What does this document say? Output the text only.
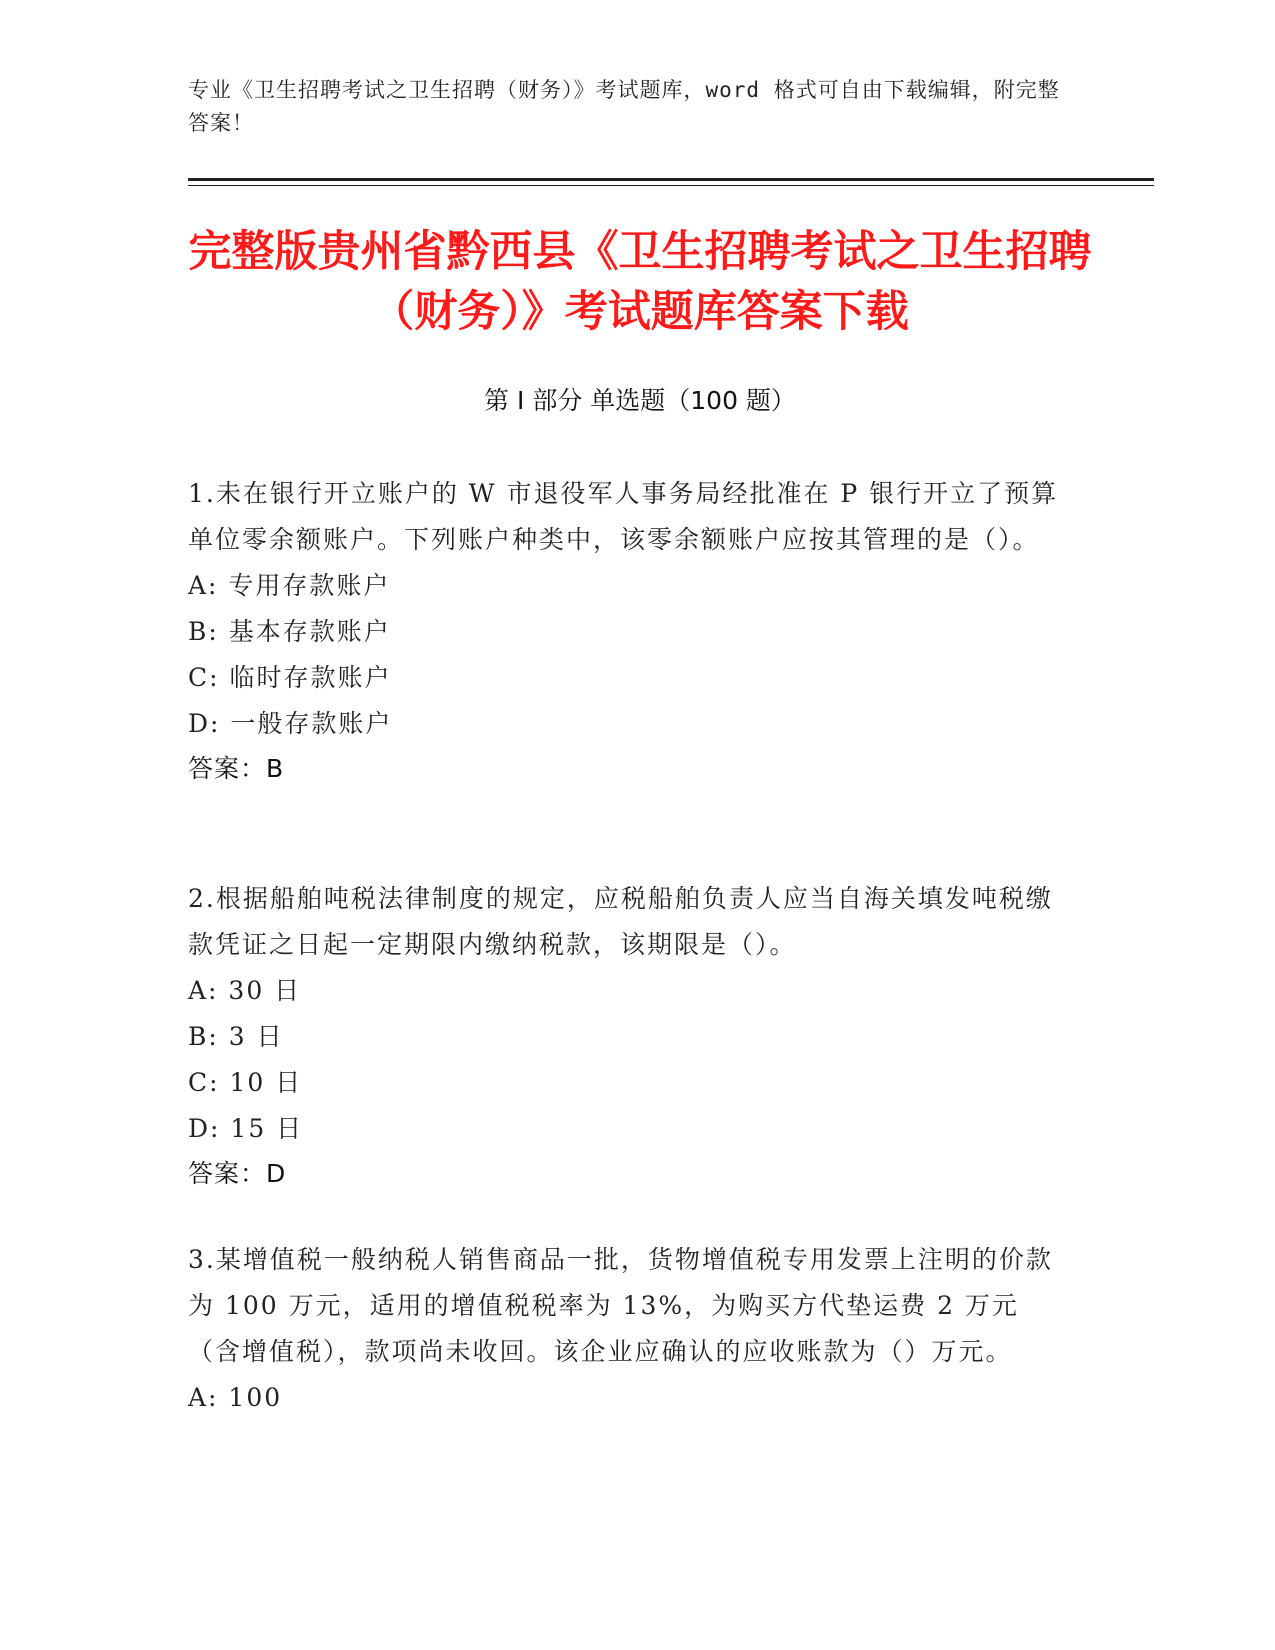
专业《卫生招聘考试之卫生招聘（财务）》考试题库，word 格式可自由下载编辑，附完整答案！
完整版贵州省黔西县《卫生招聘考试之卫生招聘（财务）》考试题库答案下载
第 I 部分 单选题（100 题）
1.未在银行开立账户的 W 市退役军人事务局经批准在 P 银行开立了预算单位零余额账户。下列账户种类中，该零余额账户应按其管理的是（）。
A: 专用存款账户
B: 基本存款账户
C: 临时存款账户
D: 一般存款账户
答案：B
2.根据船舶吨税法律制度的规定，应税船舶负责人应当自海关填发吨税缴款凭证之日起一定期限内缴纳税款，该期限是（）。
A: 30 日
B: 3 日
C: 10 日
D: 15 日
答案：D
3.某增值税一般纳税人销售商品一批，货物增值税专用发票上注明的价款为 100 万元，适用的增值税税率为 13%，为购买方代垫运费 2 万元（含增值税），款项尚未收回。该企业应确认的应收账款为（）万元。
A: 100
